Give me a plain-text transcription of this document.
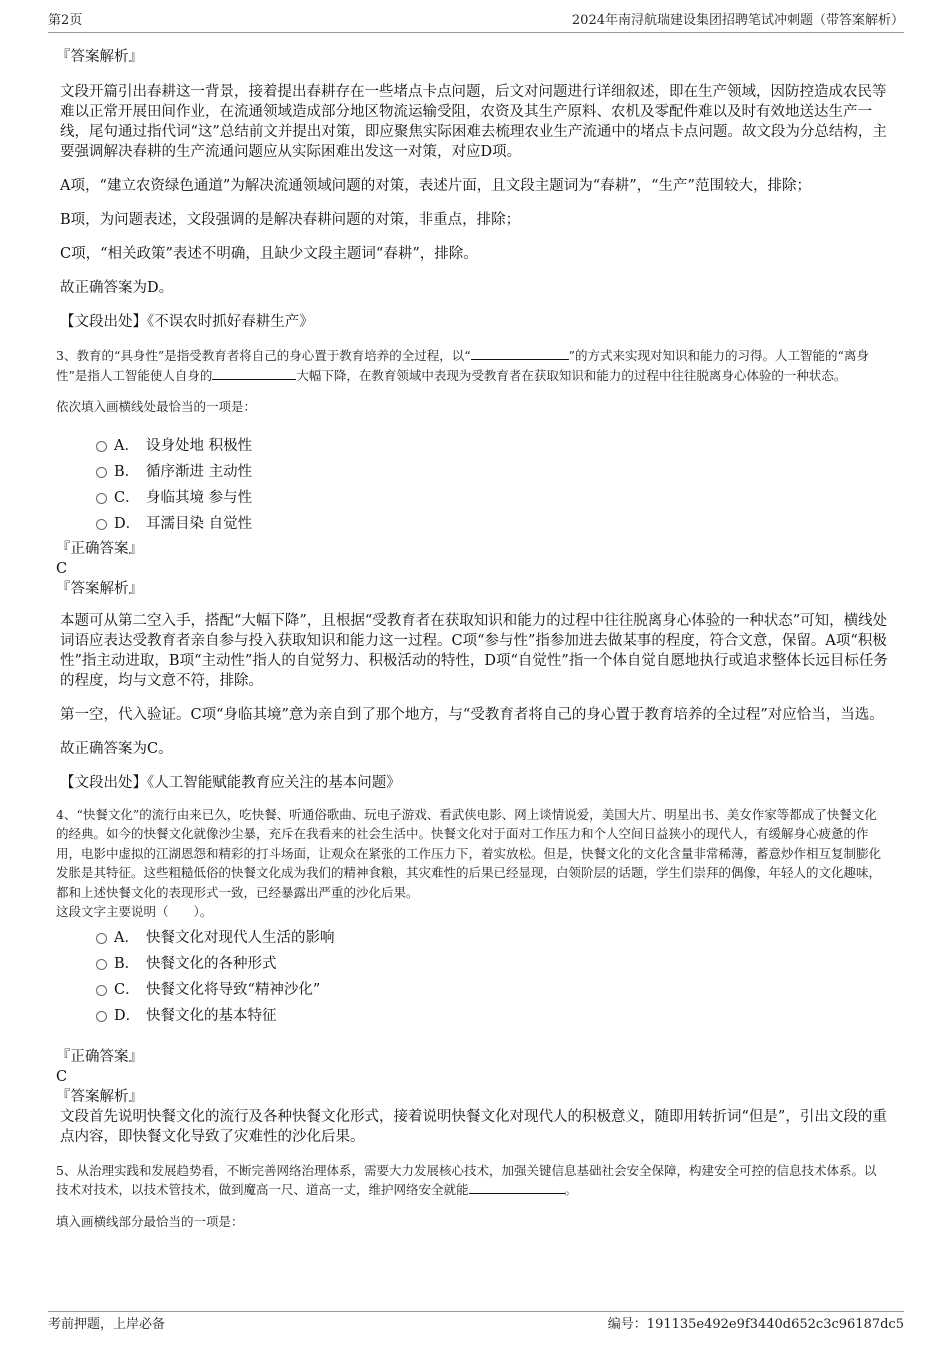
第2页	2024年南浔航瑞建设集团招聘笔试冲刺题（带答案解析）

『答案解析』

文段开篇引出春耕这一背景，接着提出春耕存在一些堵点卡点问题，后文对问题进行详细叙述，即在生产领域，因防控造成农民等难以正常开展田间作业，在流通领域造成部分地区物流运输受阻，农资及其生产原料、农机及零配件难以及时有效地送达生产一线，尾句通过指代词“这”总结前文并提出对策，即应聚焦实际困难去梳理农业生产流通中的堵点卡点问题。故文段为分总结构，主要强调解决春耕的生产流通问题应从实际困难出发这一对策，对应D项。

A项，“建立农资绿色通道”为解决流通领域问题的对策，表述片面，且文段主题词为“春耕”，“生产”范围较大，排除；

B项，为问题表述，文段强调的是解决春耕问题的对策，非重点，排除；

C项，“相关政策”表述不明确，且缺少文段主题词“春耕”，排除。

故正确答案为D。

【文段出处】《不误农时抓好春耕生产》

3、教育的“具身性”是指受教育者将自己的身心置于教育培养的全过程，以“	”的方式来实现对知识和能力的习得。人工智能的“离身性”是指人工智能使人自身的	大幅下降，在教育领域中表现为受教育者在获取知识和能力的过程中往往脱离身心体验的一种状态。

依次填入画横线处最恰当的一项是：

A． 设身处地 积极性
B． 循序渐进 主动性
C． 身临其境 参与性
D． 耳濡目染 自觉性

『正确答案』

C

『答案解析』

本题可从第二空入手，搭配“大幅下降”，且根据“受教育者在获取知识和能力的过程中往往脱离身心体验的一种状态”可知，横线处词语应表达受教育者亲自参与投入获取知识和能力这一过程。C项“参与性”指参加进去做某事的程度，符合文意，保留。A项“积极性”指主动进取，B项“主动性”指人的自觉努力、积极活动的特性，D项“自觉性”指一个体自觉自愿地执行或追求整体长远目标任务的程度，均与文意不符，排除。

第一空，代入验证。C项“身临其境”意为亲自到了那个地方，与“受教育者将自己的身心置于教育培养的全过程”对应恰当，当选。

故正确答案为C。

【文段出处】《人工智能赋能教育应关注的基本问题》

4、“快餐文化”的流行由来已久，吃快餐、听通俗歌曲、玩电子游戏、看武侠电影、网上谈情说爱，美国大片、明星出书、美女作家等都成了快餐文化的经典。如今的快餐文化就像沙尘暴，充斥在我看来的社会生活中。快餐文化对于面对工作压力和个人空间日益狭小的现代人，有缓解身心疲惫的作用，电影中虚拟的江湖恩怨和精彩的打斗场面，让观众在紧张的工作压力下，着实放松。但是，快餐文化的文化含量非常稀薄，蓄意炒作相互复制膨化发胀是其特征。这些粗糙低俗的快餐文化成为我们的精神食粮，其灾难性的后果已经显现，白领阶层的话题，学生们崇拜的偶像，年轻人的文化趣味，都和上述快餐文化的表现形式一致，已经暴露出严重的沙化后果。

这段文字主要说明（　　）。

A． 快餐文化对现代人生活的影响
B． 快餐文化的各种形式
C． 快餐文化将导致“精神沙化”
D． 快餐文化的基本特征

『正确答案』

C

『答案解析』

文段首先说明快餐文化的流行及各种快餐文化形式，接着说明快餐文化对现代人的积极意义，随即用转折词“但是”，引出文段的重点内容，即快餐文化导致了灾难性的沙化后果。

5、从治理实践和发展趋势看，不断完善网络治理体系，需要大力发展核心技术，加强关键信息基础社会安全保障，构建安全可控的信息技术体系。以技术对技术，以技术管技术，做到魔高一尺、道高一丈，维护网络安全就能	。

填入画横线部分最恰当的一项是：

考前押题，上岸必备	编号：191135e492e9f3440d652c3c96187dc5
